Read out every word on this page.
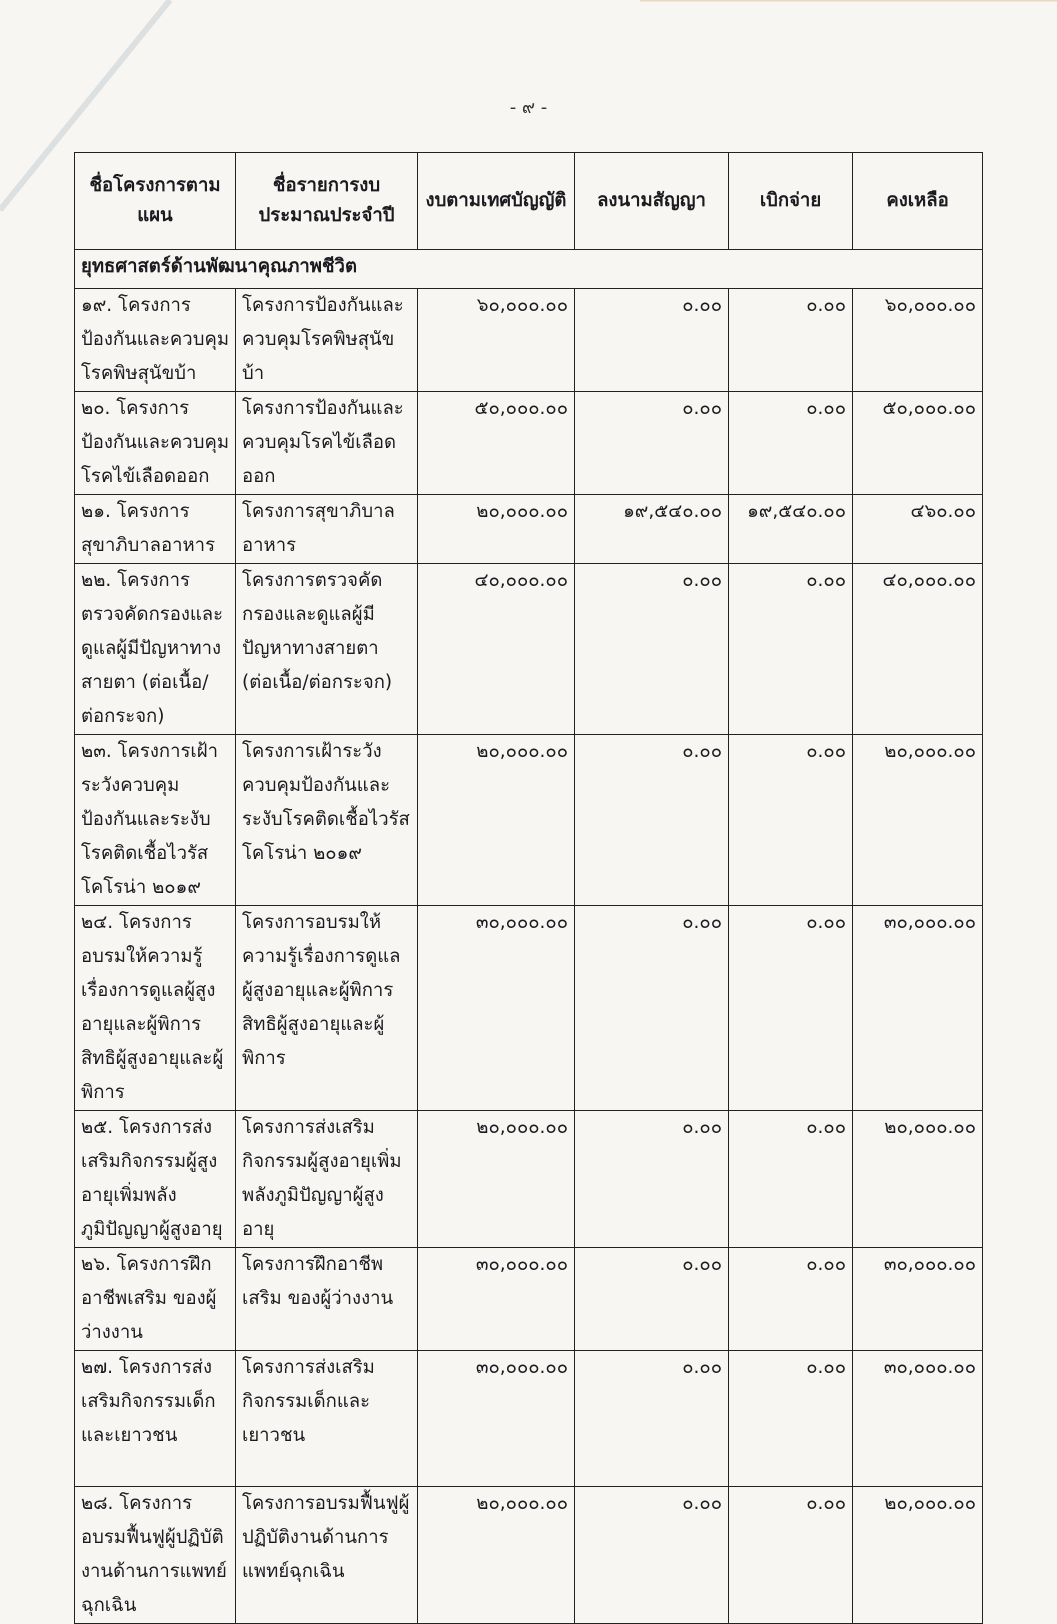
- ๙ -
ชื่อโครงการตามแผน	ชื่อรายการงบประมาณประจำปี	งบตามเทศบัญญัติ	ลงนามสัญญา	เบิกจ่าย	คงเหลือ
ยุทธศาสตร์ด้านพัฒนาคุณภาพชีวิต					
๑๙. โครงการป้องกันและควบคุมโรคพิษสุนัขบ้า	โครงการป้องกันและควบคุมโรคพิษสุนัขบ้า	๖๐,๐๐๐.๐๐	๐.๐๐	๐.๐๐	๖๐,๐๐๐.๐๐
๒๐. โครงการป้องกันและควบคุมโรคไข้เลือดออก	โครงการป้องกันและควบคุมโรคไข้เลือดออก	๕๐,๐๐๐.๐๐	๐.๐๐	๐.๐๐	๕๐,๐๐๐.๐๐
๒๑. โครงการสุขาภิบาลอาหาร	โครงการสุขาภิบาลอาหาร	๒๐,๐๐๐.๐๐	๑๙,๕๔๐.๐๐	๑๙,๕๔๐.๐๐	๔๖๐.๐๐
๒๒. โครงการตรวจคัดกรองและดูแลผู้มีปัญหาทางสายตา (ต่อเนื้อ/ต่อกระจก)	โครงการตรวจคัดกรองและดูแลผู้มีปัญหาทางสายตา (ต่อเนื้อ/ต่อกระจก)	๔๐,๐๐๐.๐๐	๐.๐๐	๐.๐๐	๔๐,๐๐๐.๐๐
๒๓. โครงการเฝ้าระวังควบคุมป้องกันและระงับโรคติดเชื้อไวรัสโคโรน่า ๒๐๑๙	โครงการเฝ้าระวังควบคุมป้องกันและระงับโรคติดเชื้อไวรัสโคโรน่า ๒๐๑๙	๒๐,๐๐๐.๐๐	๐.๐๐	๐.๐๐	๒๐,๐๐๐.๐๐
๒๔. โครงการอบรมให้ความรู้เรื่องการดูแลผู้สูงอายุและผู้พิการสิทธิผู้สูงอายุและผู้พิการ	โครงการอบรมให้ความรู้เรื่องการดูแลผู้สูงอายุและผู้พิการสิทธิผู้สูงอายุและผู้พิการ	๓๐,๐๐๐.๐๐	๐.๐๐	๐.๐๐	๓๐,๐๐๐.๐๐
๒๕. โครงการส่งเสริมกิจกรรมผู้สูงอายุเพิ่มพลังภูมิปัญญาผู้สูงอายุ	โครงการส่งเสริมกิจกรรมผู้สูงอายุเพิ่มพลังภูมิปัญญาผู้สูงอายุ	๒๐,๐๐๐.๐๐	๐.๐๐	๐.๐๐	๒๐,๐๐๐.๐๐
๒๖. โครงการฝึกอาชีพเสริม ของผู้ว่างงาน	โครงการฝึกอาชีพเสริม ของผู้ว่างงาน	๓๐,๐๐๐.๐๐	๐.๐๐	๐.๐๐	๓๐,๐๐๐.๐๐
๒๗. โครงการส่งเสริมกิจกรรมเด็กและเยาวชน	โครงการส่งเสริมกิจกรรมเด็กและเยาวชน	๓๐,๐๐๐.๐๐	๐.๐๐	๐.๐๐	๓๐,๐๐๐.๐๐
๒๘. โครงการอบรมฟื้นฟูผู้ปฏิบัติงานด้านการแพทย์ฉุกเฉิน	โครงการอบรมฟื้นฟูผู้ปฏิบัติงานด้านการแพทย์ฉุกเฉิน	๒๐,๐๐๐.๐๐	๐.๐๐	๐.๐๐	๒๐,๐๐๐.๐๐
